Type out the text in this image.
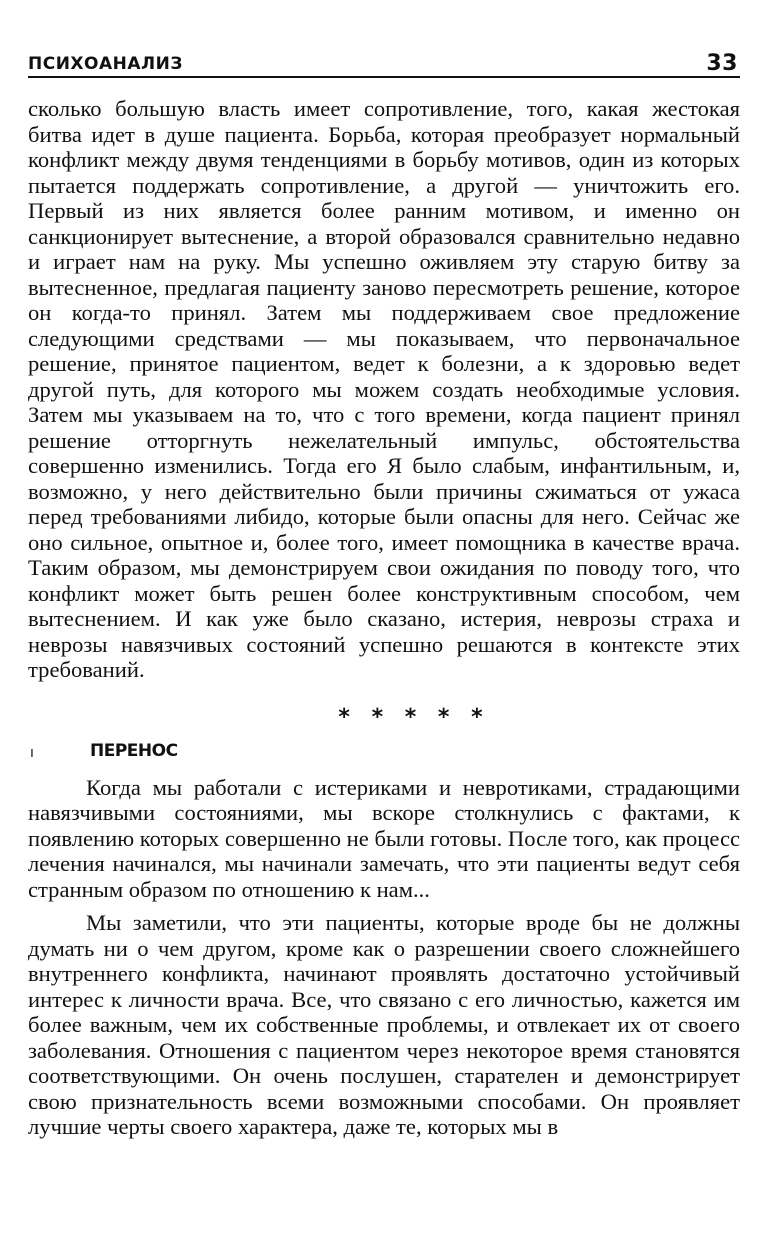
ПСИХОАНАЛИЗ	33

сколько большую власть имеет сопротивление, того, какая жестокая битва идет в душе пациента. Борьба, которая преобразует нормальный конфликт между двумя тенденциями в борьбу мотивов, один из которых пытается поддержать сопротивление, а другой — уничтожить его. Первый из них является более ранним мотивом, и именно он санкционирует вытеснение, а второй образовался сравнительно недавно и играет нам на руку. Мы успешно оживляем эту старую битву за вытесненное, предлагая пациенту заново пересмотреть решение, которое он когда-то принял. Затем мы поддерживаем свое предложение следующими средствами — мы показываем, что первоначальное решение, принятое пациентом, ведет к болезни, а к здоровью ведет другой путь, для которого мы можем создать необходимые условия. Затем мы указываем на то, что с того времени, когда пациент принял решение отторгнуть нежелательный импульс, обстоятельства совершенно изменились. Тогда его Я было слабым, инфантильным, и, возможно, у него действительно были причины сжиматься от ужаса перед требованиями либидо, которые были опасны для него. Сейчас же оно сильное, опытное и, более того, имеет помощника в качестве врача. Таким образом, мы демонстрируем свои ожидания по поводу того, что конфликт может быть решен более конструктивным способом, чем вытеснением. И как уже было сказано, истерия, неврозы страха и неврозы навязчивых состояний успешно решаются в контексте этих требований.

* * * * *
ı	ПЕРЕНОС

Когда мы работали с истериками и невротиками, страдающими навязчивыми состояниями, мы вскоре столкнулись с фактами, к появлению которых совершенно не были готовы. После того, как процесс лечения начинался, мы начинали замечать, что эти пациенты ведут себя странным образом по отношению к нам...

Мы заметили, что эти пациенты, которые вроде бы не должны думать ни о чем другом, кроме как о разрешении своего сложнейшего внутреннего конфликта, начинают проявлять достаточно устойчивый интерес к личности врача. Все, что связано с его личностью, кажется им более важным, чем их собственные проблемы, и отвлекает их от своего заболевания. Отношения с пациентом через некоторое время становятся соответствующими. Он очень послушен, старателен и демонстрирует свою признательность всеми возможными способами. Он проявляет лучшие черты своего характера, даже те, которых мы в
